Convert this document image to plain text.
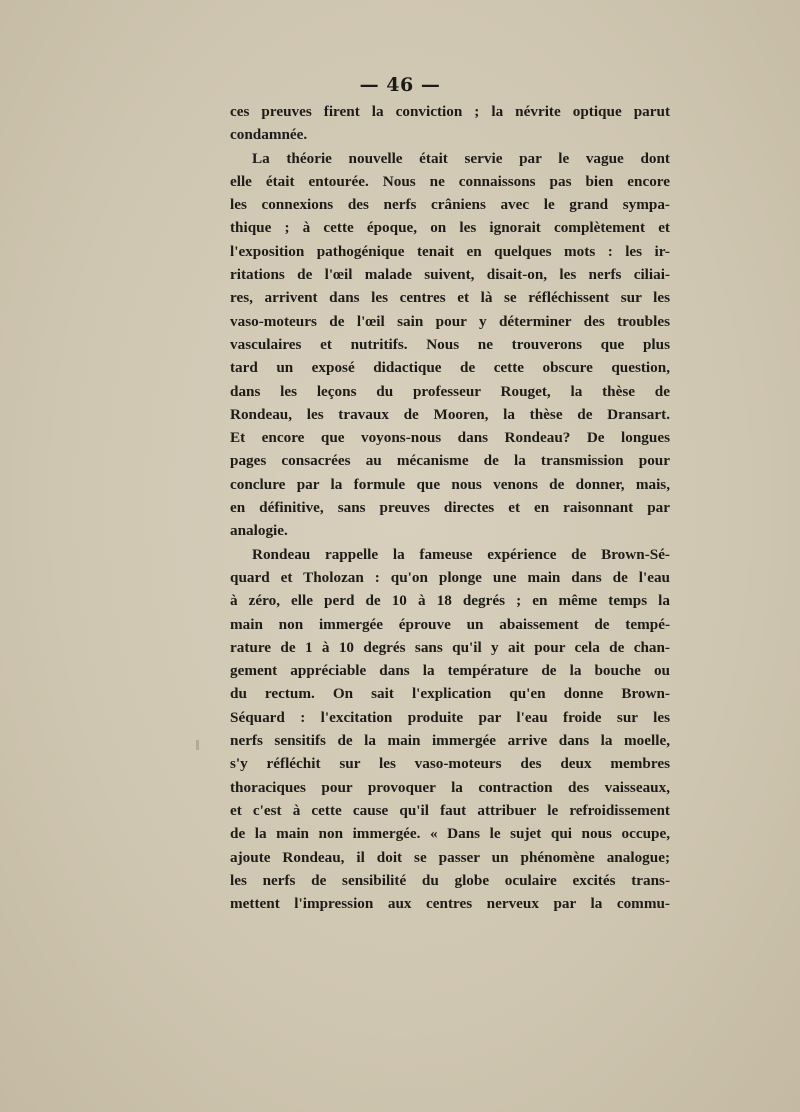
— 46 —
ces preuves firent la conviction ; la névrite optique parut
condamnée.
La théorie nouvelle était servie par le vague dont
elle était entourée. Nous ne connaissons pas bien encore
les connexions des nerfs crâniens avec le grand sympa-
thique ; à cette époque, on les ignorait complètement et
l'exposition pathogénique tenait en quelques mots : les ir-
ritations de l'œil malade suivent, disait-on, les nerfs ciliai-
res, arrivent dans les centres et là se réfléchissent sur les
vaso-moteurs de l'œil sain pour y déterminer des troubles
vasculaires et nutritifs. Nous ne trouverons que plus
tard un exposé didactique de cette obscure question,
dans les leçons du professeur Rouget, la thèse de
Rondeau, les travaux de Mooren, la thèse de Dransart.
Et encore que voyons-nous dans Rondeau? De longues
pages consacrées au mécanisme de la transmission pour
conclure par la formule que nous venons de donner, mais,
en définitive, sans preuves directes et en raisonnant par
analogie.
Rondeau rappelle la fameuse expérience de Brown-Sé-
quard et Tholozan : qu'on plonge une main dans de l'eau
à zéro, elle perd de 10 à 18 degrés ; en même temps la
main non immergée éprouve un abaissement de tempé-
rature de 1 à 10 degrés sans qu'il y ait pour cela de chan-
gement appréciable dans la température de la bouche ou
du rectum. On sait l'explication qu'en donne Brown-
Séquard : l'excitation produite par l'eau froide sur les
nerfs sensitifs de la main immergée arrive dans la moelle,
s'y réfléchit sur les vaso-moteurs des deux membres
thoraciques pour provoquer la contraction des vaisseaux,
et c'est à cette cause qu'il faut attribuer le refroidissement
de la main non immergée. « Dans le sujet qui nous occupe,
ajoute Rondeau, il doit se passer un phénomène analogue;
les nerfs de sensibilité du globe oculaire excités trans-
mettent l'impression aux centres nerveux par la commu-
